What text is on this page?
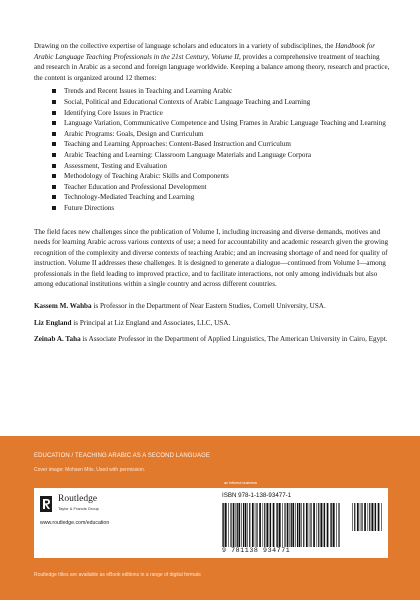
Drawing on the collective expertise of language scholars and educators in a variety of subdisciplines, the Handbook for Arabic Language Teaching Professionals in the 21st Century, Volume II, provides a comprehensive treatment of teaching and research in Arabic as a second and foreign language worldwide. Keeping a balance among theory, research and practice, the content is organized around 12 themes:

Trends and Recent Issues in Teaching and Learning Arabic
Social, Political and Educational Contexts of Arabic Language Teaching and Learning
Identifying Core Issues in Practice
Language Variation, Communicative Competence and Using Frames in Arabic Language Teaching and Learning
Arabic Programs: Goals, Design and Curriculum
Teaching and Learning Approaches: Content-Based Instruction and Curriculum
Arabic Teaching and Learning: Classroom Language Materials and Language Corpora
Assessment, Testing and Evaluation
Methodology of Teaching Arabic: Skills and Components
Teacher Education and Professional Development
Technology-Mediated Teaching and Learning
Future Directions

The field faces new challenges since the publication of Volume I, including increasing and diverse demands, motives and needs for learning Arabic across various contexts of use; a need for accountability and academic research given the growing recognition of the complexity and diverse contexts of teaching Arabic; and an increasing shortage of and need for quality of instruction. Volume II addresses these challenges. It is designed to generate a dialogue—continued from Volume I—among professionals in the field leading to improved practice, and to facilitate interactions, not only among individuals but also among educational institutions within a single country and across different countries.

Kassem M. Wahba is Professor in the Department of Near Eastern Studies, Cornell University, USA.

Liz England is Principal at Liz England and Associates, LLC, USA.

Zeinab A. Taha is Associate Professor in the Department of Applied Linguistics, The American University in Cairo, Egypt.

EDUCATION / TEACHING ARABIC AS A SECOND LANGUAGE
Cover image: Mohsen Mits. Used with permission.
an informa business
Routledge
Taylor & Francis Group
www.routledge.com/education
ISBN 978-1-138-93477-1
9 781138 934771
Routledge titles are available as eBook editions in a range of digital formats
